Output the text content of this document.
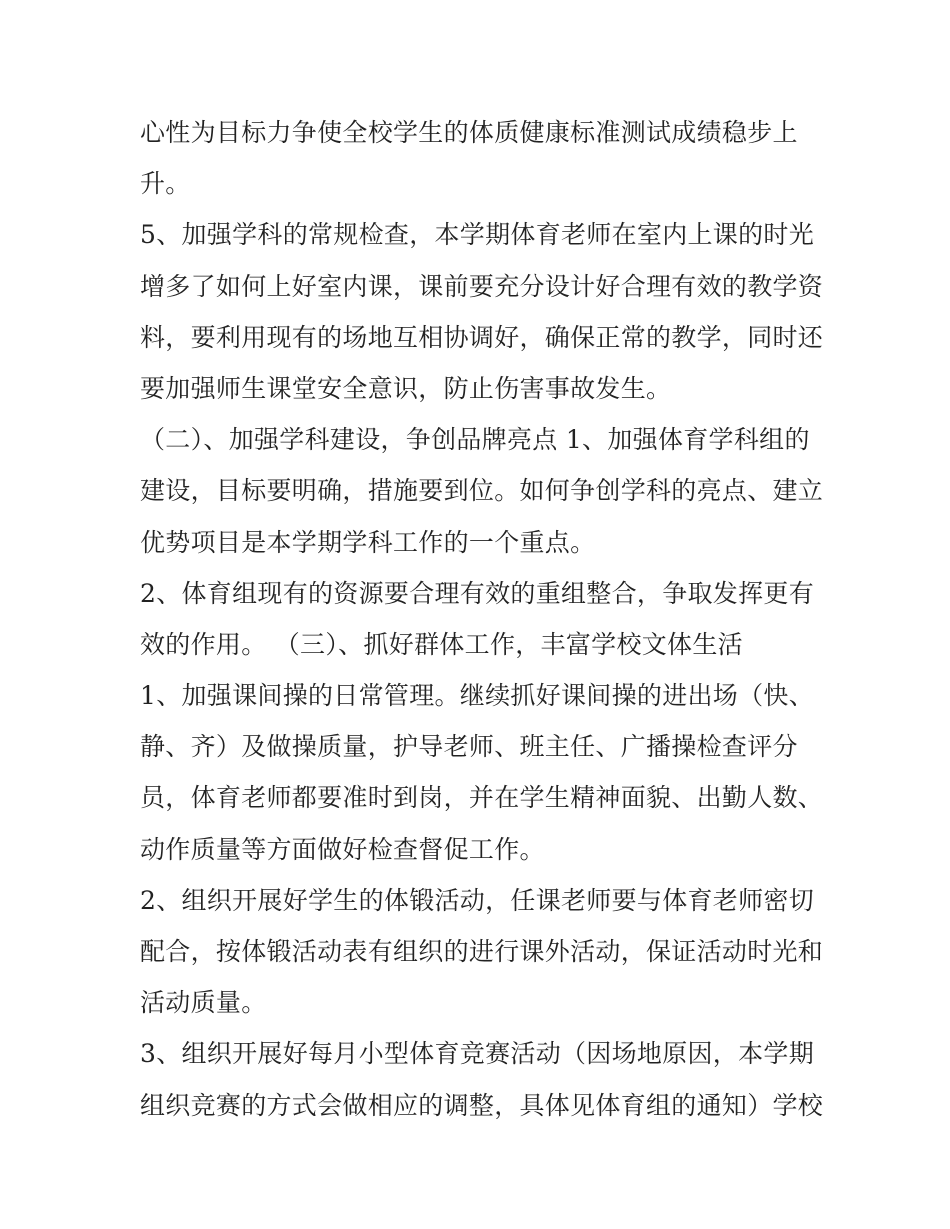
心性为目标力争使全校学生的体质健康标准测试成绩稳步上
升。
5、加强学科的常规检查，本学期体育老师在室内上课的时光
增多了如何上好室内课，课前要充分设计好合理有效的教学资
料，要利用现有的场地互相协调好，确保正常的教学，同时还
要加强师生课堂安全意识，防止伤害事故发生。
（二）、加强学科建设，争创品牌亮点 1、加强体育学科组的
建设，目标要明确，措施要到位。如何争创学科的亮点、建立
优势项目是本学期学科工作的一个重点。
2、体育组现有的资源要合理有效的重组整合，争取发挥更有
效的作用。 （三）、抓好群体工作，丰富学校文体生活
1、加强课间操的日常管理。继续抓好课间操的进出场（快、
静、齐）及做操质量，护导老师、班主任、广播操检查评分
员，体育老师都要准时到岗，并在学生精神面貌、出勤人数、
动作质量等方面做好检查督促工作。
2、组织开展好学生的体锻活动，任课老师要与体育老师密切
配合，按体锻活动表有组织的进行课外活动，保证活动时光和
活动质量。
3、组织开展好每月小型体育竞赛活动（因场地原因，本学期
组织竞赛的方式会做相应的调整，具体见体育组的通知）学校
